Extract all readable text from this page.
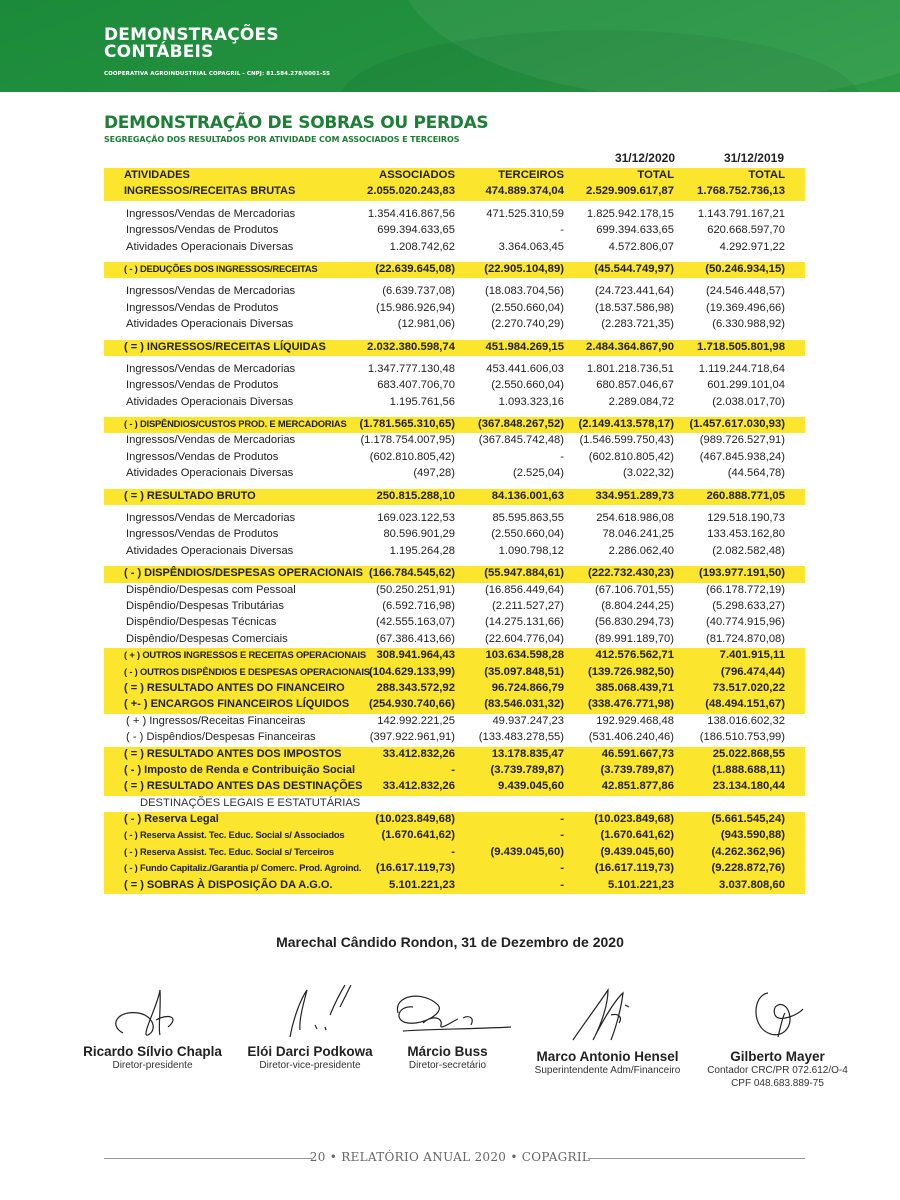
DEMONSTRAÇÕES
CONTÁBEIS
COOPERATIVA AGROINDUSTRIAL COPAGRIL - CNPJ: 81.584.278/0001-55
DEMONSTRAÇÃO DE SOBRAS OU PERDAS
SEGREGAÇÃO DOS RESULTADOS POR ATIVIDADE COM ASSOCIADOS E TERCEIROS
31/12/2020	31/12/2019
ATIVIDADES	ASSOCIADOS	TERCEIROS	TOTAL	TOTAL
INGRESSOS/RECEITAS BRUTAS	2.055.020.243,83	474.889.374,04 2.529.909.617,87 1.768.752.736,13
Ingressos/Vendas de Mercadorias	1.354.416.867,56	471.525.310,59 1.825.942.178,15 1.143.791.167,21
Ingressos/Vendas de Produtos	699.394.633,65	-	699.394.633,65	620.668.597,70
Atividades Operacionais Diversas	1.208.742,62	3.364.063,45	4.572.806,07	4.292.971,22
( - ) DEDUÇÕES DOS INGRESSOS/RECEITAS	(22.639.645,08)	(22.905.104,89)	(45.544.749,97)	(50.246.934,15)
Ingressos/Vendas de Mercadorias	(6.639.737,08)	(18.083.704,56)	(24.723.441,64)	(24.546.448,57)
Ingressos/Vendas de Produtos	(15.986.926,94)	(2.550.660,04)	(18.537.586,98)	(19.369.496,66)
Atividades Operacionais Diversas	(12.981,06)	(2.270.740,29)	(2.283.721,35)	(6.330.988,92)
( = ) INGRESSOS/RECEITAS LÍQUIDAS	2.032.380.598,74	451.984.269,15 2.484.364.867,90 1.718.505.801,98
Ingressos/Vendas de Mercadorias	1.347.777.130,48	453.441.606,03 1.801.218.736,51 1.119.244.718,64
Ingressos/Vendas de Produtos	683.407.706,70	(2.550.660,04)	680.857.046,67	601.299.101,04
Atividades Operacionais Diversas	1.195.761,56	1.093.323,16	2.289.084,72	(2.038.017,70)
( - ) DISPÊNDIOS/CUSTOS PROD. E MERCADORIAS (1.781.565.310,65) (367.848.267,52) (2.149.413.578,17) (1.457.617.030,93)
Ingressos/Vendas de Mercadorias	(1.178.754.007,95) (367.845.742,48) (1.546.599.750,43) (989.726.527,91)
Ingressos/Vendas de Produtos	(602.810.805,42)	- (602.810.805,42) (467.845.938,24)
Atividades Operacionais Diversas	(497,28)	(2.525,04)	(3.022,32)	(44.564,78)
( = ) RESULTADO BRUTO	250.815.288,10	84.136.001,63	334.951.289,73	260.888.771,05
Ingressos/Vendas de Mercadorias	169.023.122,53	85.595.863,55	254.618.986,08	129.518.190,73
Ingressos/Vendas de Produtos	80.596.901,29	(2.550.660,04)	78.046.241,25	133.453.162,80
Atividades Operacionais Diversas	1.195.264,28	1.090.798,12	2.286.062,40	(2.082.582,48)
( - ) DISPÊNDIOS/DESPESAS OPERACIONAIS (166.784.545,62)	(55.947.884,61) (222.732.430,23) (193.977.191,50)
Dispêndio/Despesas com Pessoal	(50.250.251,91)	(16.856.449,64)	(67.106.701,55)	(66.178.772,19)
Dispêndio/Despesas Tributárias	(6.592.716,98)	(2.211.527,27)	(8.804.244,25)	(5.298.633,27)
Dispêndio/Despesas Técnicas	(42.555.163,07)	(14.275.131,66)	(56.830.294,73)	(40.774.915,96)
Dispêndio/Despesas Comerciais	(67.386.413,66)	(22.604.776,04)	(89.991.189,70)	(81.724.870,08)
( + ) OUTROS INGRESSOS E RECEITAS OPERACIONAIS 308.941.964,43	103.634.598,28	412.576.562,71	7.401.915,11
( - ) OUTROS DISPÊNDIOS E DESPESAS OPERACIONAIS (104.629.133,99)	(35.097.848,51) (139.726.982,50)	(796.474,44)
( = ) RESULTADO ANTES DO FINANCEIRO	288.343.572,92	96.724.866,79	385.068.439,71	73.517.020,22
( +- ) ENCARGOS FINANCEIROS LÍQUIDOS (254.930.740,66)	(83.546.031,32) (338.476.771,98)	(48.494.151,67)
( + ) Ingressos/Receitas Financeiras	142.992.221,25	49.937.247,23	192.929.468,48	138.016.602,32
( - ) Dispêndios/Despesas Financeiras	(397.922.961,91) (133.483.278,55) (531.406.240,46) (186.510.753,99)
( = ) RESULTADO ANTES DOS IMPOSTOS	33.412.832,26	13.178.835,47	46.591.667,73	25.022.868,55
( - ) Imposto de Renda e Contribuição Social	-	(3.739.789,87)	(3.739.789,87)	(1.888.688,11)
( = ) RESULTADO ANTES DAS DESTINAÇÕES 33.412.832,26	9.439.045,60	42.851.877,86	23.134.180,44
DESTINAÇÕES LEGAIS E ESTATUTÁRIAS
( - ) Reserva Legal	(10.023.849,68)	-	(10.023.849,68)	(5.661.545,24)
( - ) Reserva Assist. Tec. Educ. Social s/ Associados	(1.670.641,62)	-	(1.670.641,62)	(943.590,88)
( - ) Reserva Assist. Tec. Educ. Social s/ Terceiros	-	(9.439.045,60)	(9.439.045,60)	(4.262.362,96)
( - ) Fundo Capitaliz./Garantia p/ Comerc. Prod. Agroind. (16.617.119,73)	-	(16.617.119,73)	(9.228.872,76)
( = ) SOBRAS À DISPOSIÇÃO DA A.G.O.	5.101.221,23	-	5.101.221,23	3.037.808,60
Marechal Cândido Rondon, 31 de Dezembro de 2020
Ricardo Sílvio Chapla
Diretor-presidente
Elói Darci Podkowa
Diretor-vice-presidente
Márcio Buss
Diretor-secretário
Marco Antonio Hensel
Superintendente Adm/Financeiro
Gilberto Mayer
Contador CRC/PR 072.612/O-4
CPF 048.683.889-75
20 • RELATÓRIO ANUAL 2020 • COPAGRIL
